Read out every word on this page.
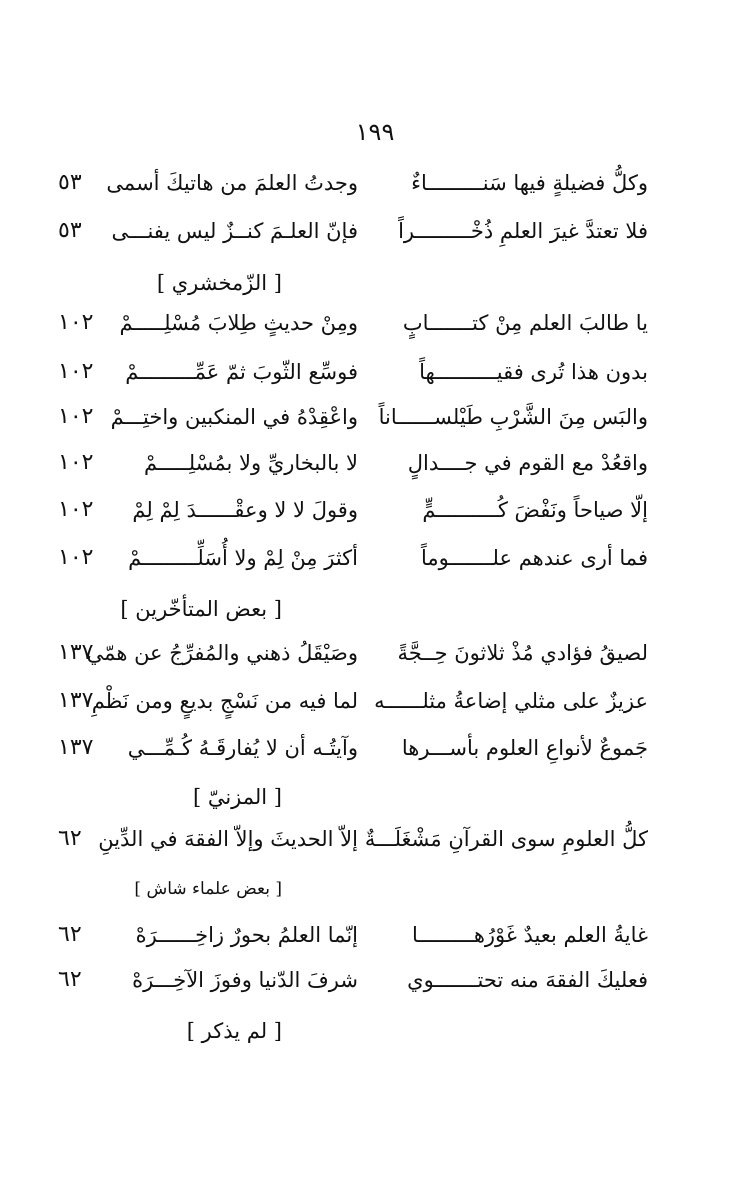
١٩٩
وكلُّ فضيلةٍ فيها سَنـــــــــاءٌ
وجدتُ العلمَ من هاتيكَ أسمى
٥٣
فلا تعتدَّ غيرَ العلمِ ذُخْـــــــــراً
فإنّ العلـمَ كنــزٌ ليس يفنـــى
٥٣
[ الزّمخشري ]
يا طالبَ العلم مِنْ كتـــــــابٍ
ومِنْ حديثٍ طِلابَ مُسْلِـــــمْ
١٠٢
بدون هذا تُرى فقيــــــــــهاً
فوسِّع الثّوبَ ثمّ عَمِّـــــــــمْ
١٠٢
والبَس مِنَ الشَّرْبِ طَيْلســــــاناً
واعْقِدْهُ في المنكبين واختِـــمْ
١٠٢
واقعُدْ مع القوم في جــــدالٍ
لا بالبخاريِّ ولا بمُسْلِـــــمْ
١٠٢
إلّا صياحاً ونَفْضَ كُــــــــــمٍّ
وقولَ لا لا وعقْــــــدَ لِمْ لِمْ
١٠٢
فما أرى عندهم علـــــــوماً
أكثرَ مِنْ لِمْ ولا أُسَلِّـــــــــمْ
١٠٢
[ بعض المتأخّرين ]
لصيقُ فؤادي مُذْ ثلاثونَ حِــجَّةً
وصَيْقَلُ ذهني والمُفرِّجُ عن همّي
١٣٧
عزيزٌ على مثلي إضاعةُ مثلــــــه
لما فيه من نَسْجٍ بديعٍ ومن نَظْمِ
١٣٧
جَموعٌ لأنواعِ العلوم بأســـرها
وآيتُـه أن لا يُفارقَـهُ كُـمِّـــي
١٣٧
[ المزنيّ ]
كلُّ العلومِ سوى القرآنِ مَشْغَلَـــةٌ
إلاّ الحديثَ وإلاّ الفقهَ في الدِّينِ
٦٢
[ بعض علماء شاش ]
غايةُ العلم بعيدٌ غَوْرُهـــــــــا
إنّما العلمُ بحورٌ زاخِــــــرَهْ
٦٢
فعليكَ الفقهَ منه تحتـــــــوي
شرفَ الدّنيا وفوزَ الآخِـــرَهْ
٦٢
[ لم يذكر ]
